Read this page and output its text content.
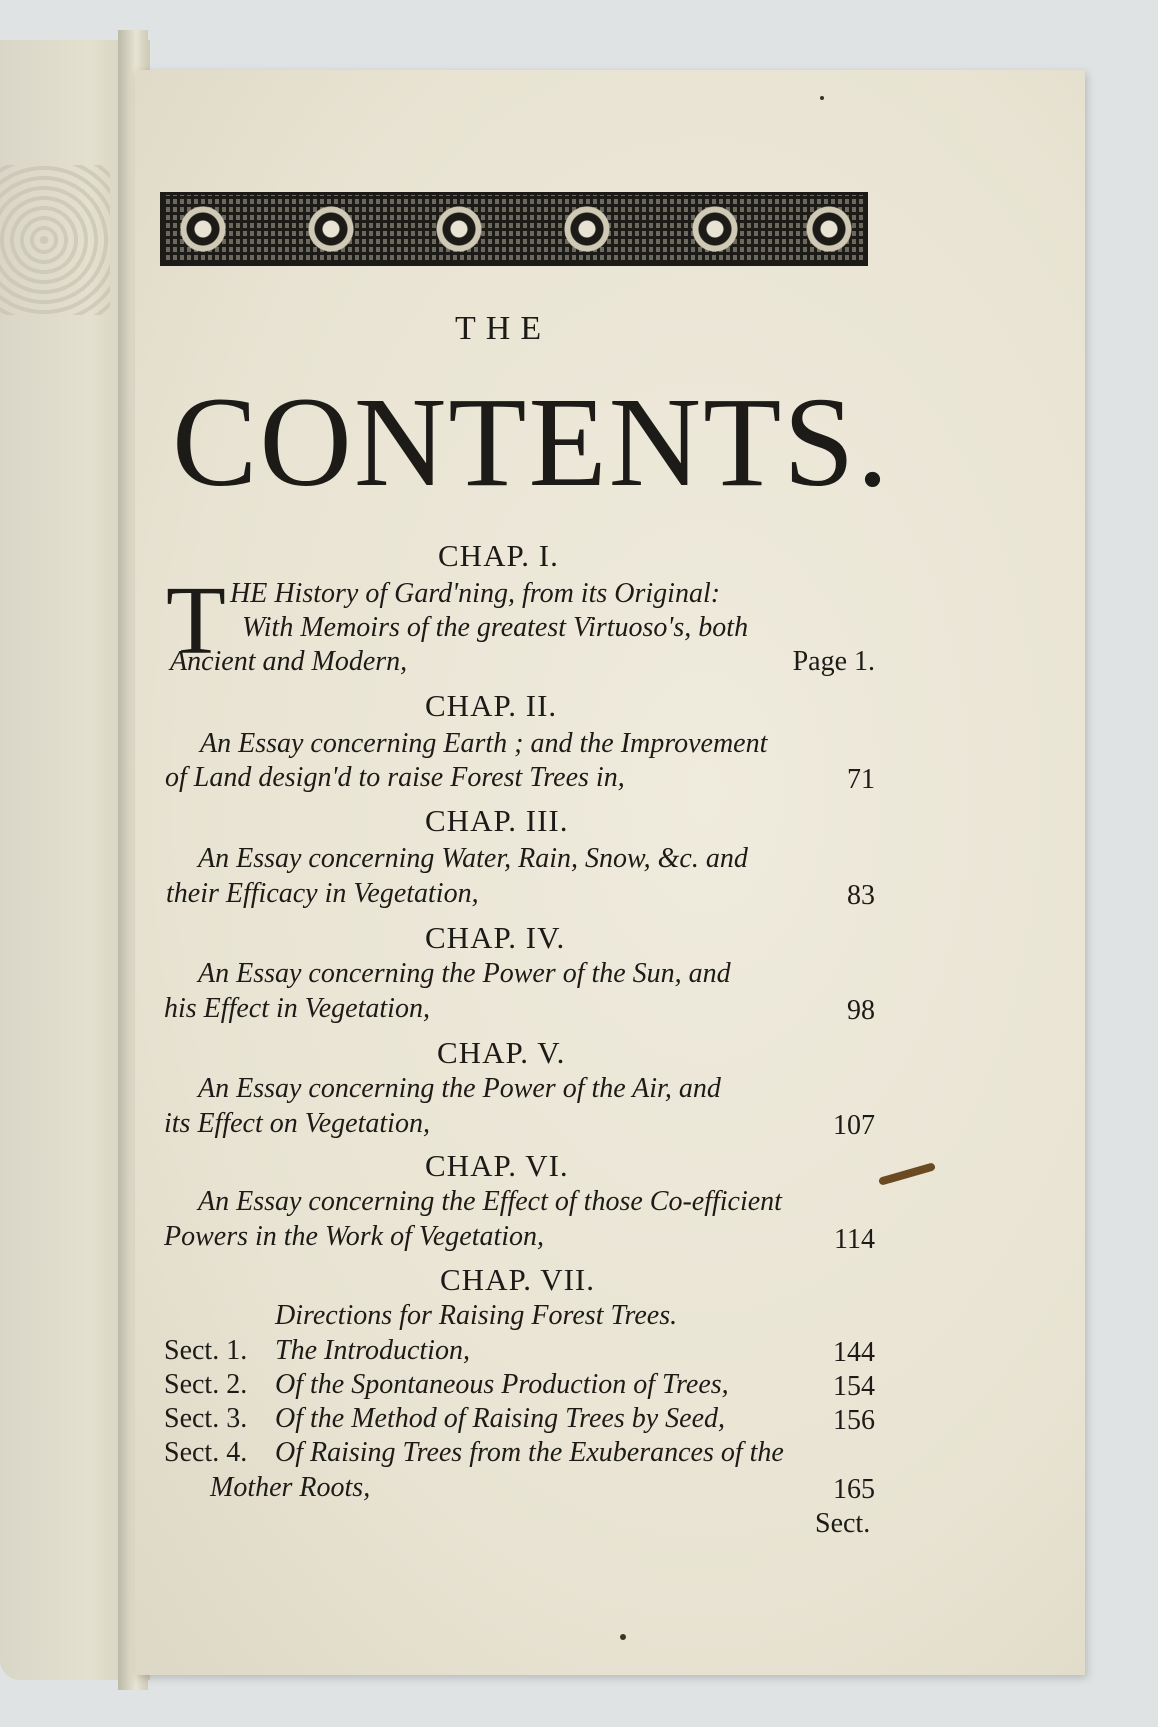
THE
CONTENTS.
CHAP. I.
T HE History of Gard'ning, from its Original:
With Memoirs of the greatest Virtuoso's, both
Ancient and Modern,	Page 1.
CHAP. II.
An Essay concerning Earth ; and the Improvement
of Land design'd to raise Forest Trees in,	71
CHAP. III.
An Essay concerning Water, Rain, Snow, &c. and
their Efficacy in Vegetation,	83
CHAP. IV.
An Essay concerning the Power of the Sun, and
his Effect in Vegetation,	98
CHAP. V.
An Essay concerning the Power of the Air, and
its Effect on Vegetation,	107
CHAP. VI.
An Essay concerning the Effect of those Co-efficient
Powers in the Work of Vegetation,	114
CHAP. VII.
Directions for Raising Forest Trees.
Sect. 1. The Introduction,	144
Sect. 2. Of the Spontaneous Production of Trees,	154
Sect. 3. Of the Method of Raising Trees by Seed,	156
Sect. 4. Of Raising Trees from the Exuberances of the
Mother Roots,	165
Sect.
